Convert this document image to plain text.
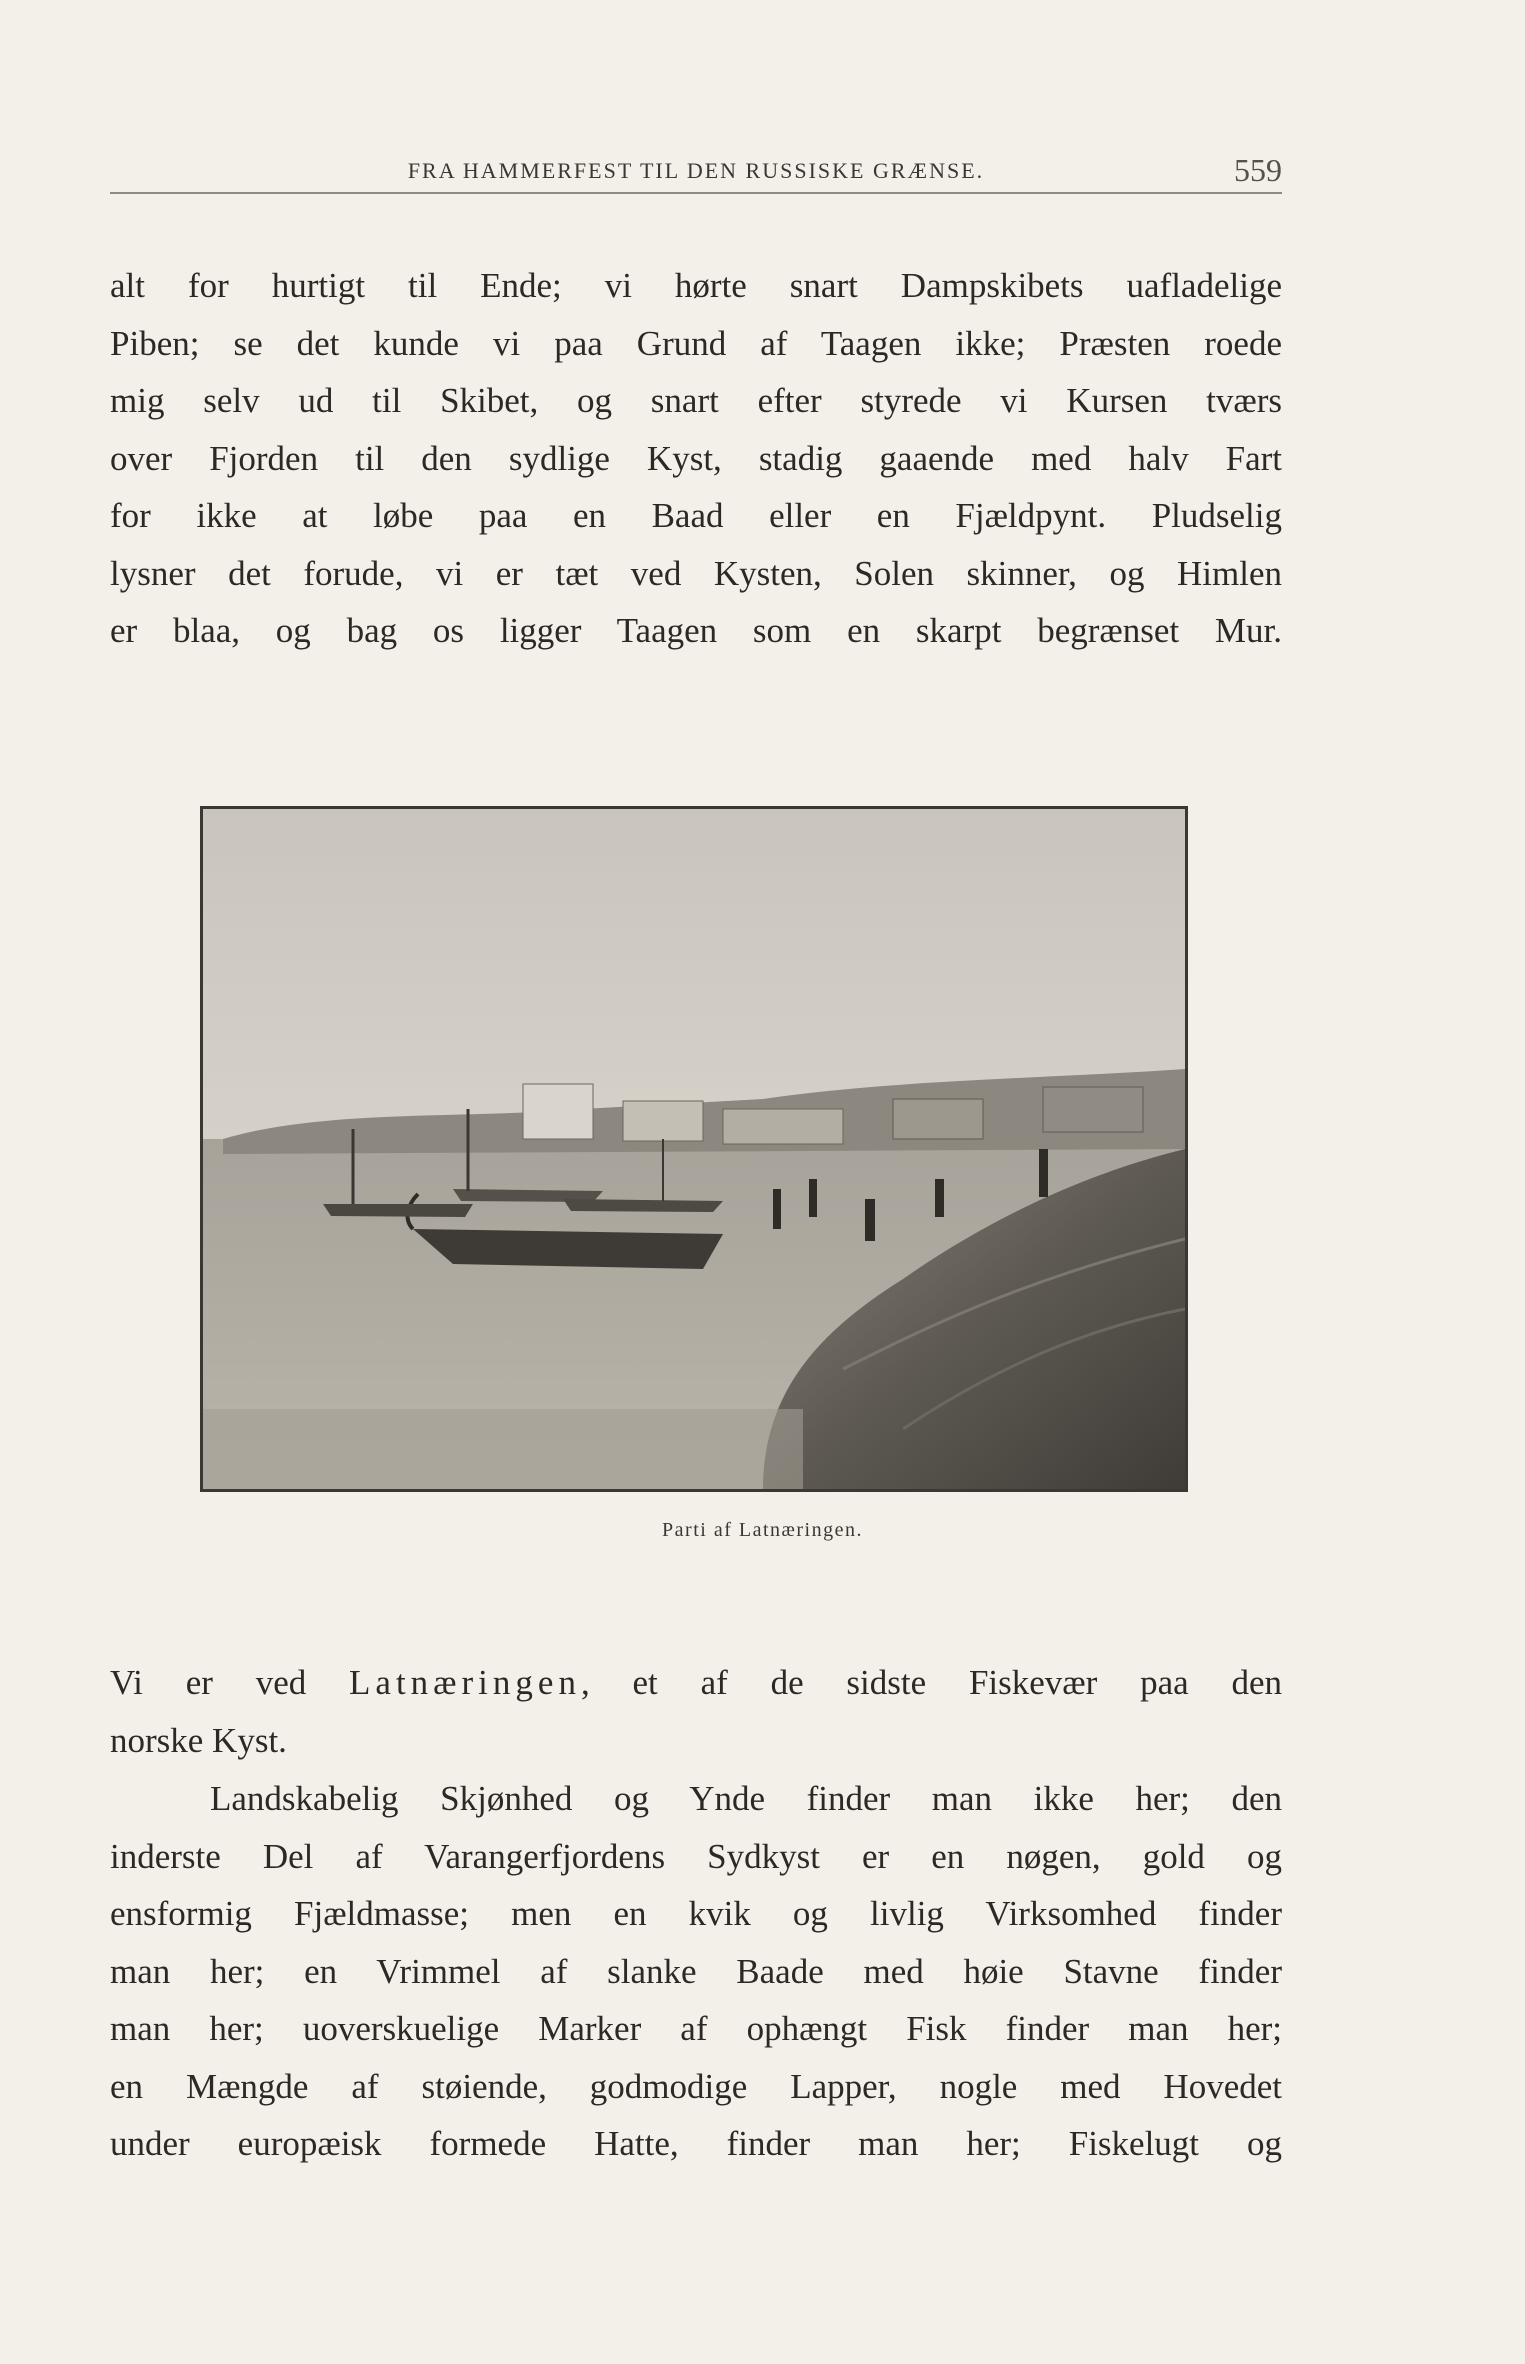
FRA HAMMERFEST TIL DEN RUSSISKE GRÆNSE.	559
alt for hurtigt til Ende; vi hørte snart Dampskibets uafladelige
Piben; se det kunde vi paa Grund af Taagen ikke; Præsten roede
mig selv ud til Skibet, og snart efter styrede vi Kursen tværs
over Fjorden til den sydlige Kyst, stadig gaaende med halv Fart
for ikke at løbe paa en Baad eller en Fjældpynt. Pludselig
lysner det forude, vi er tæt ved Kysten, Solen skinner, og Himlen
er blaa, og bag os ligger Taagen som en skarpt begrænset Mur.
Parti af Latnæringen.
Vi er ved Latnæringen, et af de sidste Fiskevær paa den
norske Kyst.
Landskabelig Skjønhed og Ynde finder man ikke her; den
inderste Del af Varangerfjordens Sydkyst er en nøgen, gold og
ensformig Fjældmasse; men en kvik og livlig Virksomhed finder
man her; en Vrimmel af slanke Baade med høie Stavne finder
man her; uoverskuelige Marker af ophængt Fisk finder man her;
en Mængde af støiende, godmodige Lapper, nogle med Hovedet
under europæisk formede Hatte, finder man her; Fiskelugt og
